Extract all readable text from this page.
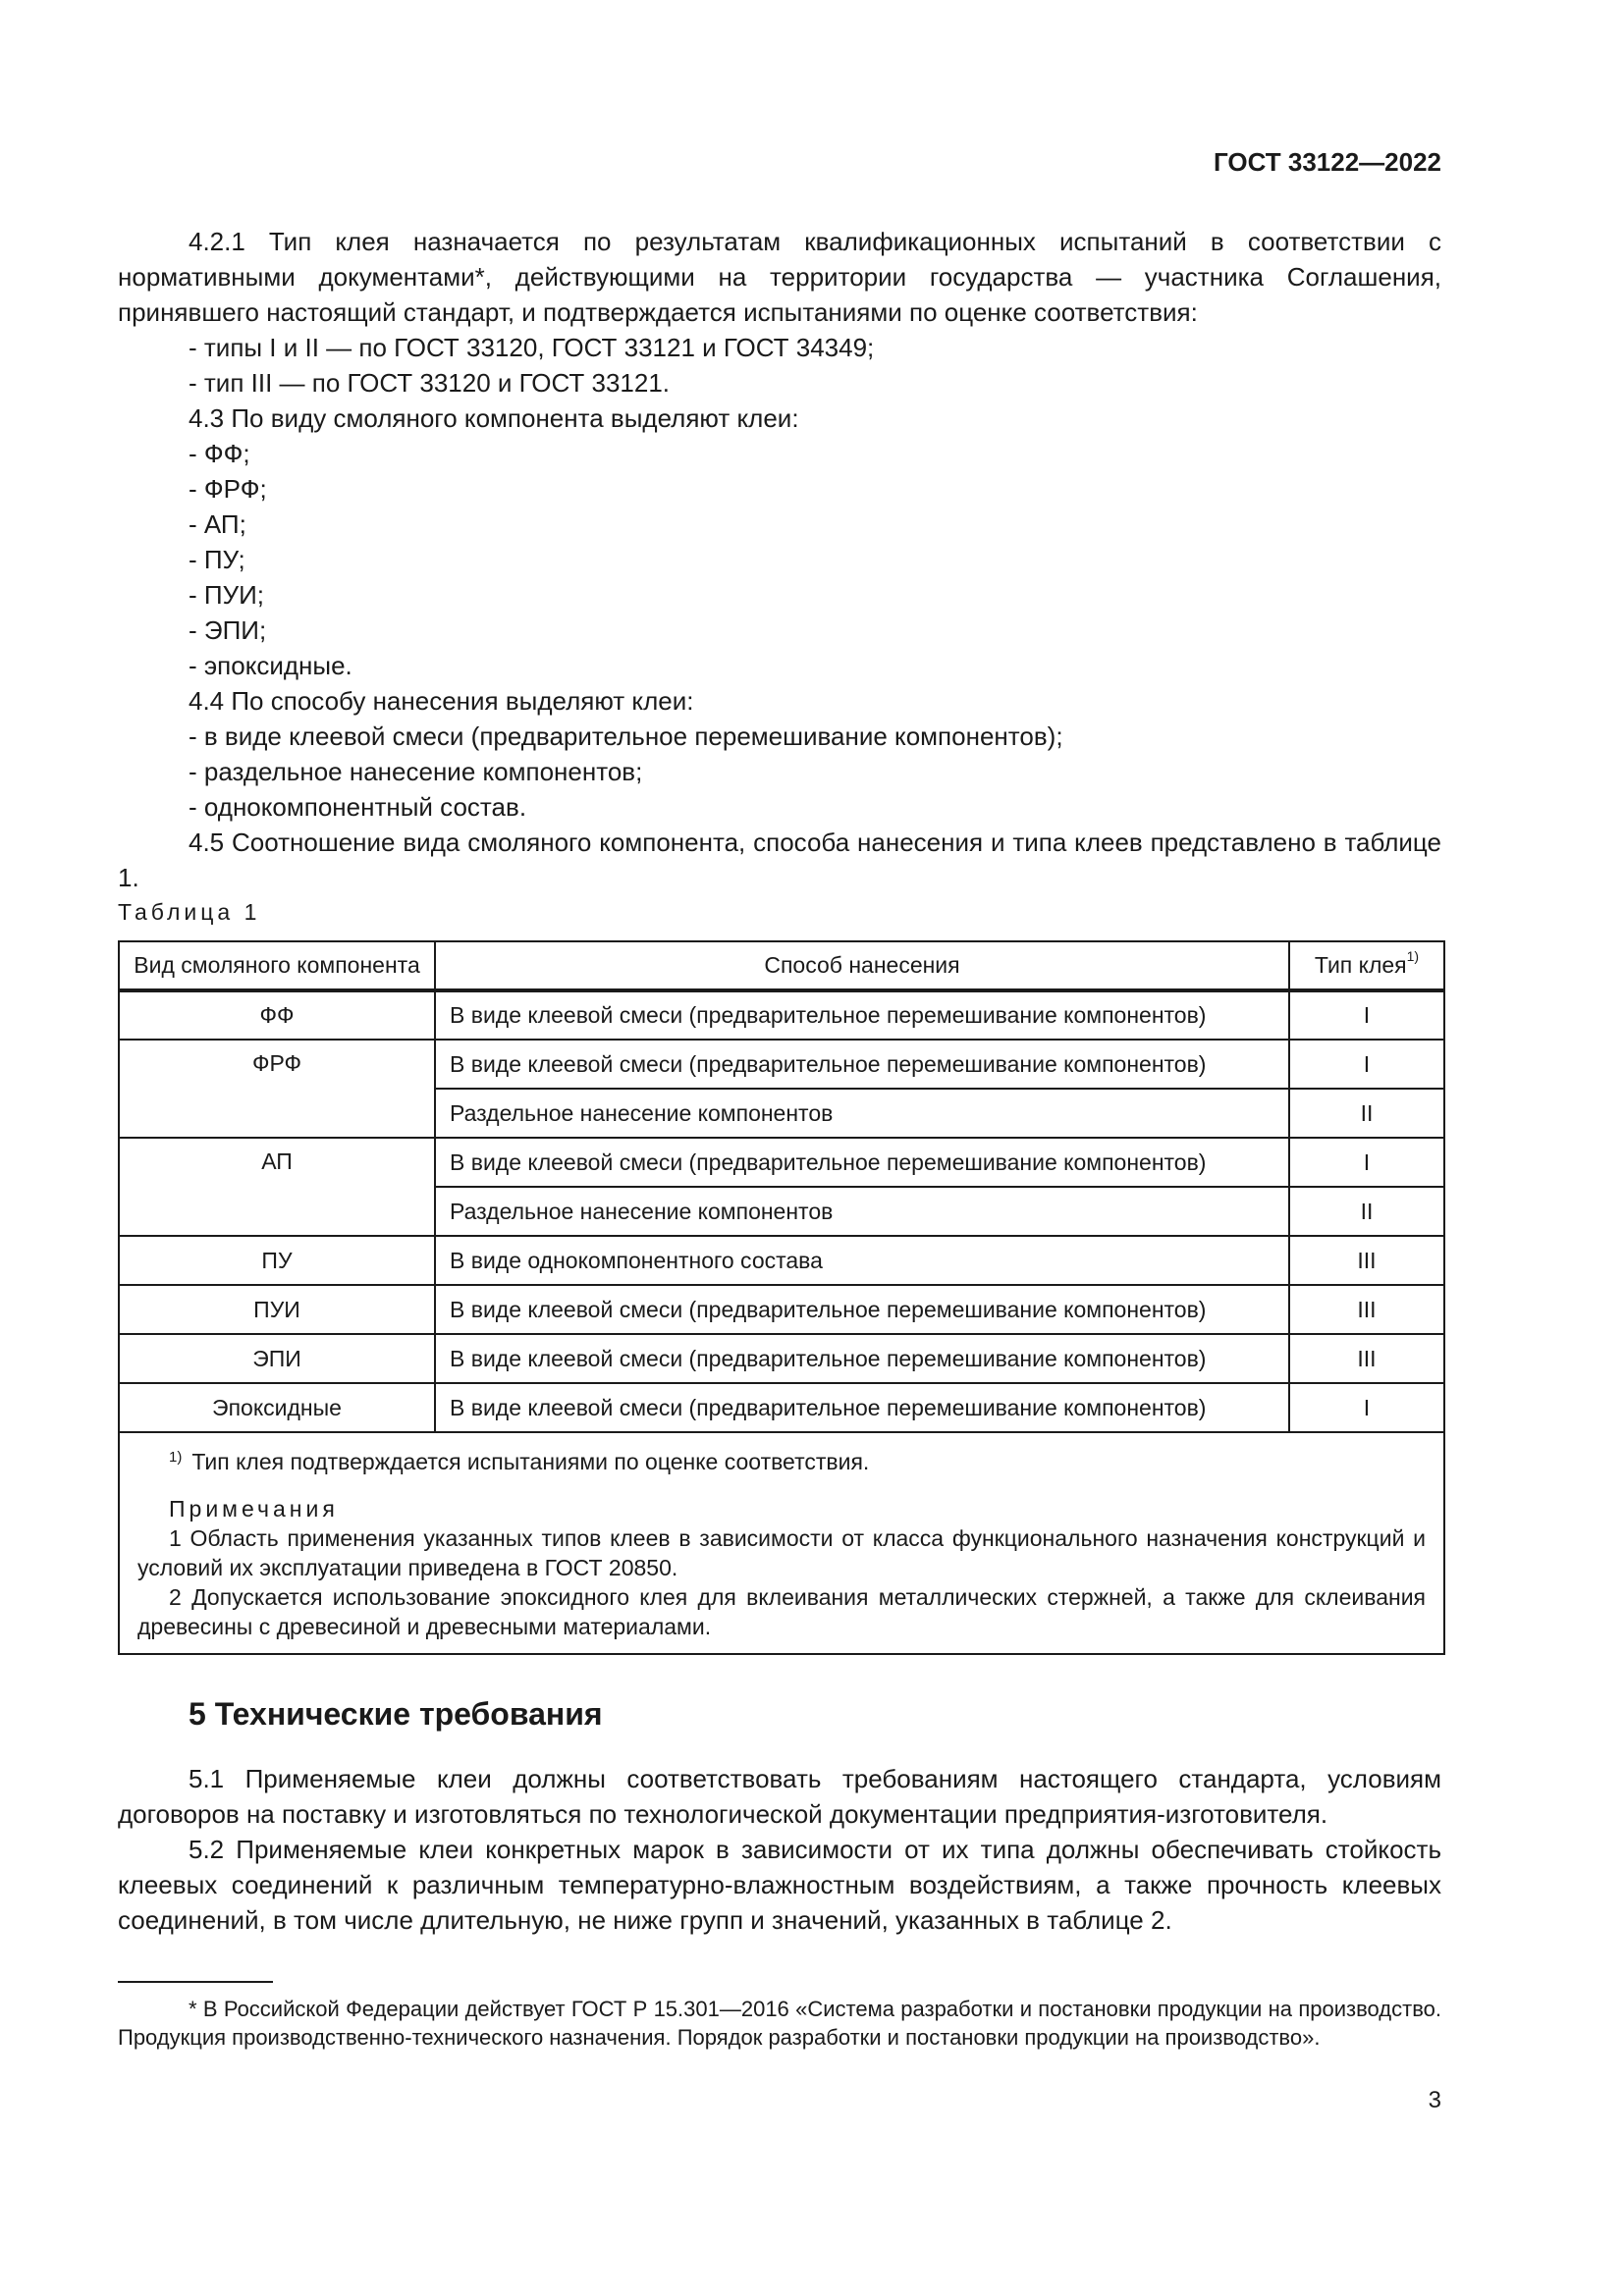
ГОСТ 33122—2022

4.2.1 Тип клея назначается по результатам квалификационных испытаний в соответствии с нормативными документами*, действующими на территории государства — участника Соглашения, принявшего настоящий стандарт, и подтверждается испытаниями по оценке соответствия:

- типы I и II — по ГОСТ 33120, ГОСТ 33121 и ГОСТ 34349;

- тип III — по ГОСТ 33120 и ГОСТ 33121.

4.3 По виду смоляного компонента выделяют клеи:

- ФФ;

- ФРФ;

- АП;

- ПУ;

- ПУИ;

- ЭПИ;

- эпоксидные.

4.4 По способу нанесения выделяют клеи:

- в виде клеевой смеси (предварительное перемешивание компонентов);

- раздельное нанесение компонентов;

- однокомпонентный состав.

4.5 Соотношение вида смоляного компонента, способа нанесения и типа клеев представлено в таблице 1.

Таблица 1
Вид смоляного компонента	Способ нанесения	Тип клея$^{1)}$
ФФ	В виде клеевой смеси (предварительное перемешивание компонентов)	I
ФРФ	В виде клеевой смеси (предварительное перемешивание компонентов)	I
	Раздельное нанесение компонентов	II
АП	В виде клеевой смеси (предварительное перемешивание компонентов)	I
	Раздельное нанесение компонентов	II
ПУ	В виде однокомпонентного состава	III
ПУИ	В виде клеевой смеси (предварительное перемешивание компонентов)	III
ЭПИ	В виде клеевой смеси (предварительное перемешивание компонентов)	III
Эпоксидные	В виде клеевой смеси (предварительное перемешивание компонентов)	I

$^{1)}$ Тип клея подтверждается испытаниями по оценке соответствия.
Примечания
1 Область применения указанных типов клеев в зависимости от класса функционального назначения конструкций и условий их эксплуатации приведена в ГОСТ 20850.
2 Допускается использование эпоксидного клея для вклеивания металлических стержней, а также для склеивания древесины с древесиной и древесными материалами.		
5 Технические требования

5.1 Применяемые клеи должны соответствовать требованиям настоящего стандарта, условиям договоров на поставку и изготовляться по технологической документации предприятия-изготовителя.

5.2 Применяемые клеи конкретных марок в зависимости от их типа должны обеспечивать стойкость клеевых соединений к различным температурно-влажностным воздействиям, а также прочность клеевых соединений, в том числе длительную, не ниже групп и значений, указанных в таблице 2.

* В Российской Федерации действует ГОСТ Р 15.301—2016 «Система разработки и постановки продукции на производство. Продукция производственно-технического назначения. Порядок разработки и постановки продукции на производство».
3
